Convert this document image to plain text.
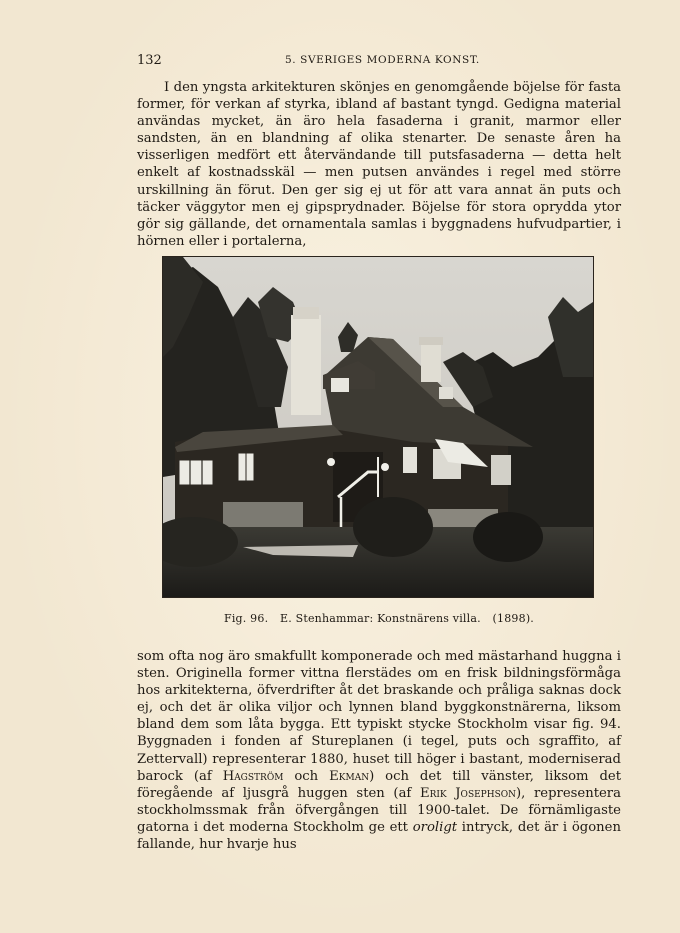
132	5. SVERIGES MODERNA KONST.

I den yngsta arkitekturen skönjes en genomgående böjelse för fasta former, för verkan af styrka, ibland af bastant tyngd. Gedigna material användas mycket, än äro hela fasaderna i granit, marmor eller sandsten, än en blandning af olika stenarter. De senaste åren ha visserligen medfört ett återvändande till putsfasaderna — detta helt enkelt af kostnadsskäl — men putsen användes i regel med större urskillning än förut. Den ger sig ej ut för att vara annat än puts och täcker väggytor men ej gipsprydnader. Böjelse för stora oprydda ytor gör sig gällande, det ornamentala samlas i byggnadens hufvudpartier, i hörnen eller i portalerna,

Fig. 96. E. Stenhammar: Konstnärens villa. (1898).

som ofta nog äro smakfullt komponerade och med mästarhand huggna i sten. Originella former vittna flerstädes om en frisk bildningsförmåga hos arkitekterna, öfverdrifter åt det braskande och pråliga saknas dock ej, och det är olika viljor och lynnen bland byggkonstnärerna, liksom bland dem som låta bygga. Ett typiskt stycke Stockholm visar fig. 94. Byggnaden i fonden af Stureplanen (i tegel, puts och sgraffito, af Zettervall) representerar 1880, huset till höger i bastant, moderniserad barock (af Hagström och Ekman) och det till vänster, liksom det föregående af ljusgrå huggen sten (af Erik Josephson), representera stockholmssmak från öfvergången till 1900-talet. De förnämligaste gatorna i det moderna Stockholm ge ett oroligt intryck, det är i ögonen fallande, hur hvarje hus
